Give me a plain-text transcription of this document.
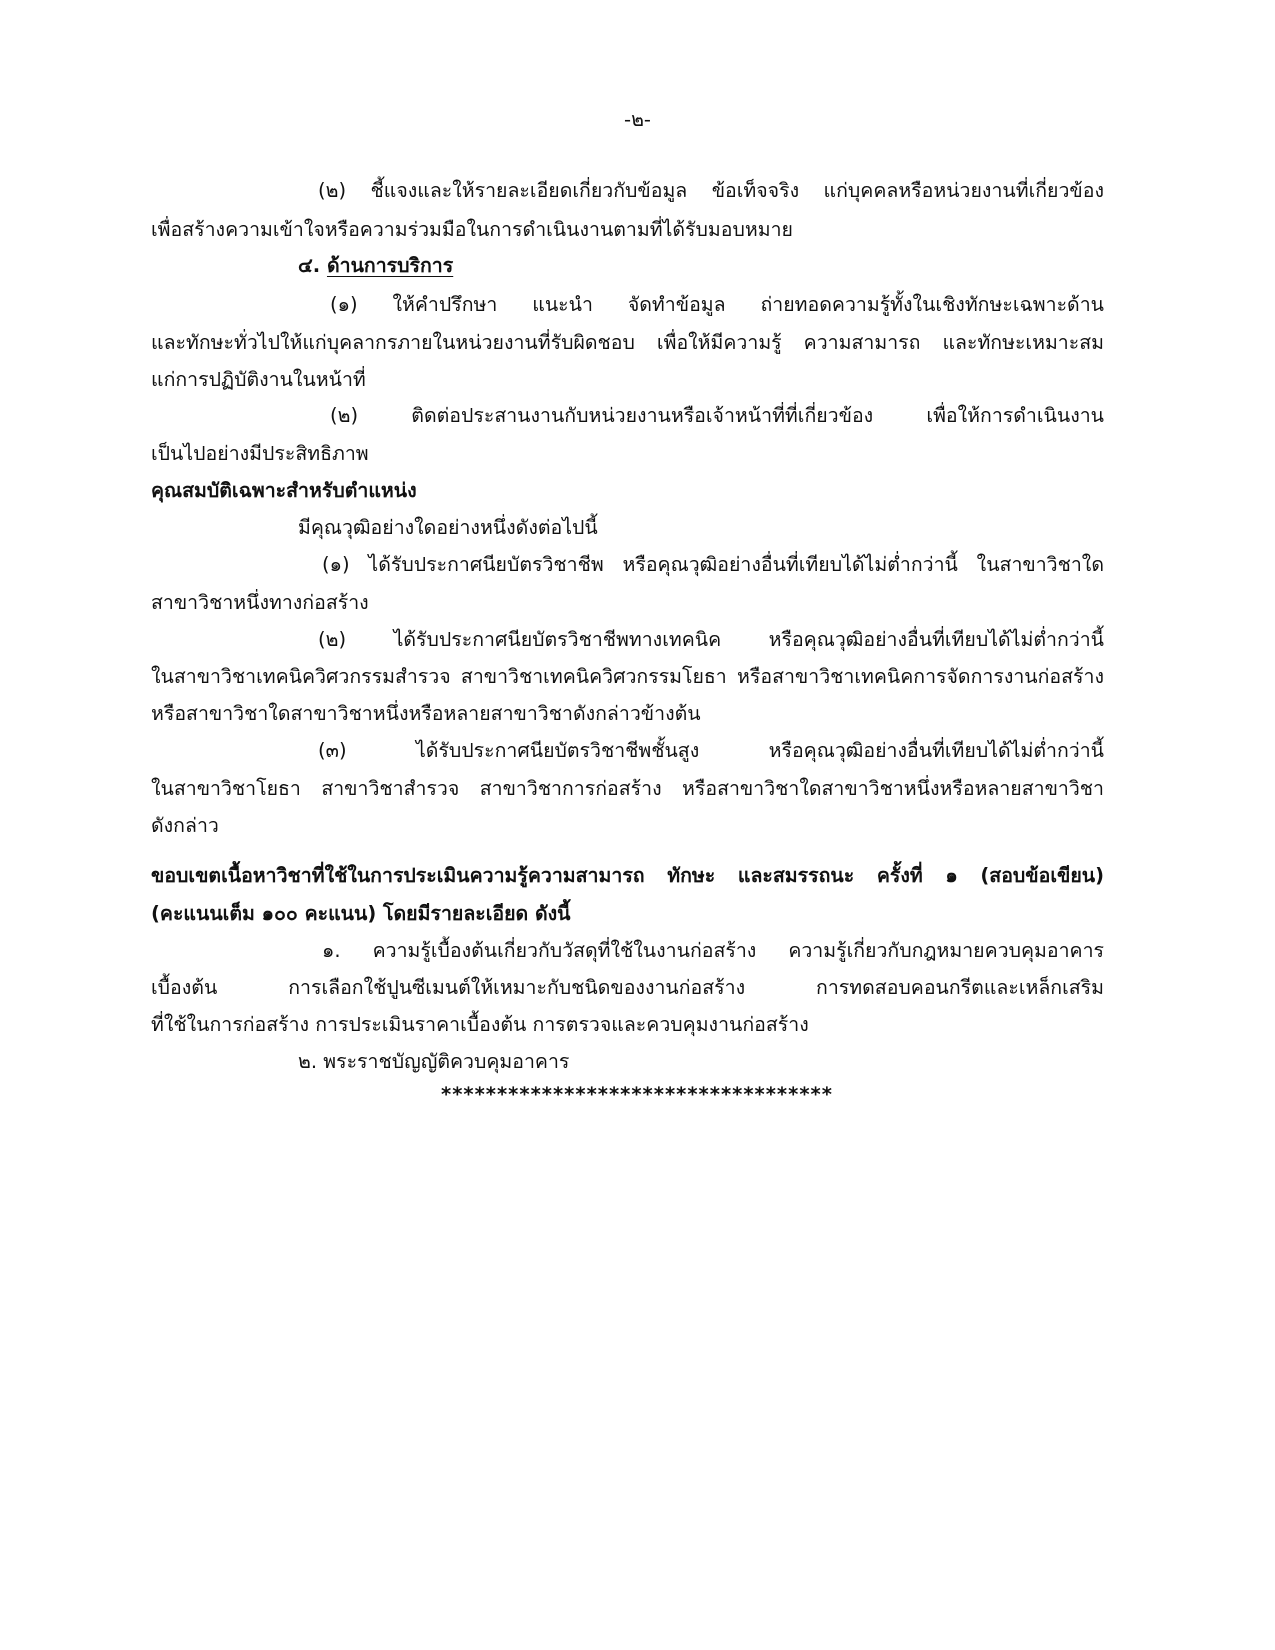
-๒-
(๒) ชี้แจงและให้รายละเอียดเกี่ยวกับข้อมูล ข้อเท็จจริง แก่บุคคลหรือหน่วยงานที่เกี่ยวข้อง
เพื่อสร้างความเข้าใจหรือความร่วมมือในการดำเนินงานตามที่ได้รับมอบหมาย
๔. ด้านการบริการ
(๑) ให้คำปรึกษา แนะนำ จัดทำข้อมูล ถ่ายทอดความรู้ทั้งในเชิงทักษะเฉพาะด้าน
และทักษะทั่วไปให้แก่บุคลากรภายในหน่วยงานที่รับผิดชอบ เพื่อให้มีความรู้ ความสามารถ และทักษะเหมาะสม
แก่การปฏิบัติงานในหน้าที่
(๒) ติดต่อประสานงานกับหน่วยงานหรือเจ้าหน้าที่ที่เกี่ยวข้อง เพื่อให้การดำเนินงาน
เป็นไปอย่างมีประสิทธิภาพ
คุณสมบัติเฉพาะสำหรับตำแหน่ง
มีคุณวุฒิอย่างใดอย่างหนึ่งดังต่อไปนี้
(๑) ได้รับประกาศนียบัตรวิชาชีพ หรือคุณวุฒิอย่างอื่นที่เทียบได้ไม่ต่ำกว่านี้ ในสาขาวิชาใด
สาขาวิชาหนึ่งทางก่อสร้าง
(๒) ได้รับประกาศนียบัตรวิชาชีพทางเทคนิค หรือคุณวุฒิอย่างอื่นที่เทียบได้ไม่ต่ำกว่านี้
ในสาขาวิชาเทคนิควิศวกรรมสำรวจ สาขาวิชาเทคนิควิศวกรรมโยธา หรือสาขาวิชาเทคนิคการจัดการงานก่อสร้าง
หรือสาขาวิชาใดสาขาวิชาหนึ่งหรือหลายสาขาวิชาดังกล่าวข้างต้น
(๓) ได้รับประกาศนียบัตรวิชาชีพชั้นสูง หรือคุณวุฒิอย่างอื่นที่เทียบได้ไม่ต่ำกว่านี้
ในสาขาวิชาโยธา สาขาวิชาสำรวจ สาขาวิชาการก่อสร้าง หรือสาขาวิชาใดสาขาวิชาหนึ่งหรือหลายสาขาวิชา
ดังกล่าว
ขอบเขตเนื้อหาวิชาที่ใช้ในการประเมินความรู้ความสามารถ ทักษะ และสมรรถนะ ครั้งที่ ๑ (สอบข้อเขียน)
(คะแนนเต็ม ๑๐๐ คะแนน) โดยมีรายละเอียด ดังนี้
๑. ความรู้เบื้องต้นเกี่ยวกับวัสดุที่ใช้ในงานก่อสร้าง ความรู้เกี่ยวกับกฎหมายควบคุมอาคาร
เบื้องต้น การเลือกใช้ปูนซีเมนต์ให้เหมาะกับชนิดของงานก่อสร้าง การทดสอบคอนกรีตและเหล็กเสริม
ที่ใช้ในการก่อสร้าง การประเมินราคาเบื้องต้น การตรวจและควบคุมงานก่อสร้าง
๒. พระราชบัญญัติควบคุมอาคาร
***********************************
